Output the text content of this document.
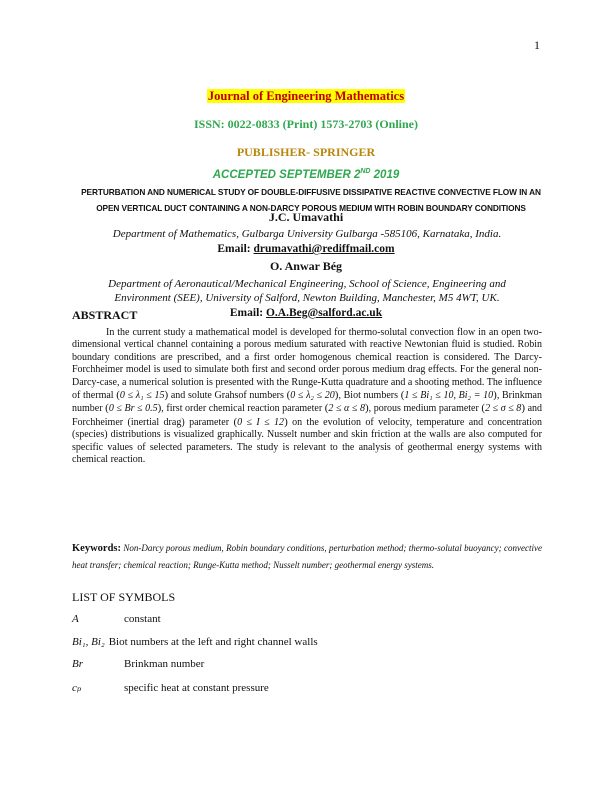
1
Journal of Engineering Mathematics
ISSN: 0022-0833 (Print) 1573-2703 (Online)
PUBLISHER- SPRINGER
ACCEPTED SEPTEMBER 2ND 2019
PERTURBATION AND NUMERICAL STUDY OF DOUBLE-DIFFUSIVE DISSIPATIVE REACTIVE CONVECTIVE FLOW IN AN
OPEN VERTICAL DUCT CONTAINING A NON-DARCY POROUS MEDIUM WITH ROBIN BOUNDARY CONDITIONS
J.C. Umavathi
Department of Mathematics, Gulbarga University Gulbarga -585106, Karnataka, India.
Email: drumavathi@rediffmail.com
O. Anwar Bég
Department of Aeronautical/Mechanical Engineering, School of Science, Engineering and
Environment (SEE), University of Salford, Newton Building, Manchester, M5 4WT, UK.
Email: O.A.Beg@salford.ac.uk
ABSTRACT

In the current study a mathematical model is developed for thermo-solutal convection flow in an open two-dimensional vertical channel containing a porous medium saturated with reactive Newtonian fluid is studied. Robin boundary conditions are prescribed, and a first order homogenous chemical reaction is considered. The Darcy-Forchheimer model is used to simulate both first and second order porous medium drag effects. For the general non-Darcy-case, a numerical solution is presented with the Runge-Kutta quadrature and a shooting method. The influence of thermal (0 ≤ λ₁ ≤ 15) and solute Grahsof numbers (0 ≤ λ₂ ≤ 20), Biot numbers (1 ≤ Bi₁ ≤ 10, Bi₂ = 10), Brinkman number (0 ≤ Br ≤ 0.5), first order chemical reaction parameter (2 ≤ α ≤ 8), porous medium parameter (2 ≤ σ ≤ 8) and Forchheimer (inertial drag) parameter (0 ≤ I ≤ 12) on the evolution of velocity, temperature and concentration (species) distributions is visualized graphically. Nusselt number and skin friction at the walls are also computed for specific values of selected parameters. The study is relevant to the analysis of geothermal energy systems with chemical reaction.

Keywords: Non-Darcy porous medium, Robin boundary conditions, perturbation method; thermo-solutal buoyancy; convective heat transfer; chemical reaction; Runge-Kutta method; Nusselt number; geothermal energy systems.
LIST OF SYMBOLS
A	constant
Bi₁, Bi₂ Biot numbers at the left and right channel walls
Br	Brinkman number
cₚ	specific heat at constant pressure
